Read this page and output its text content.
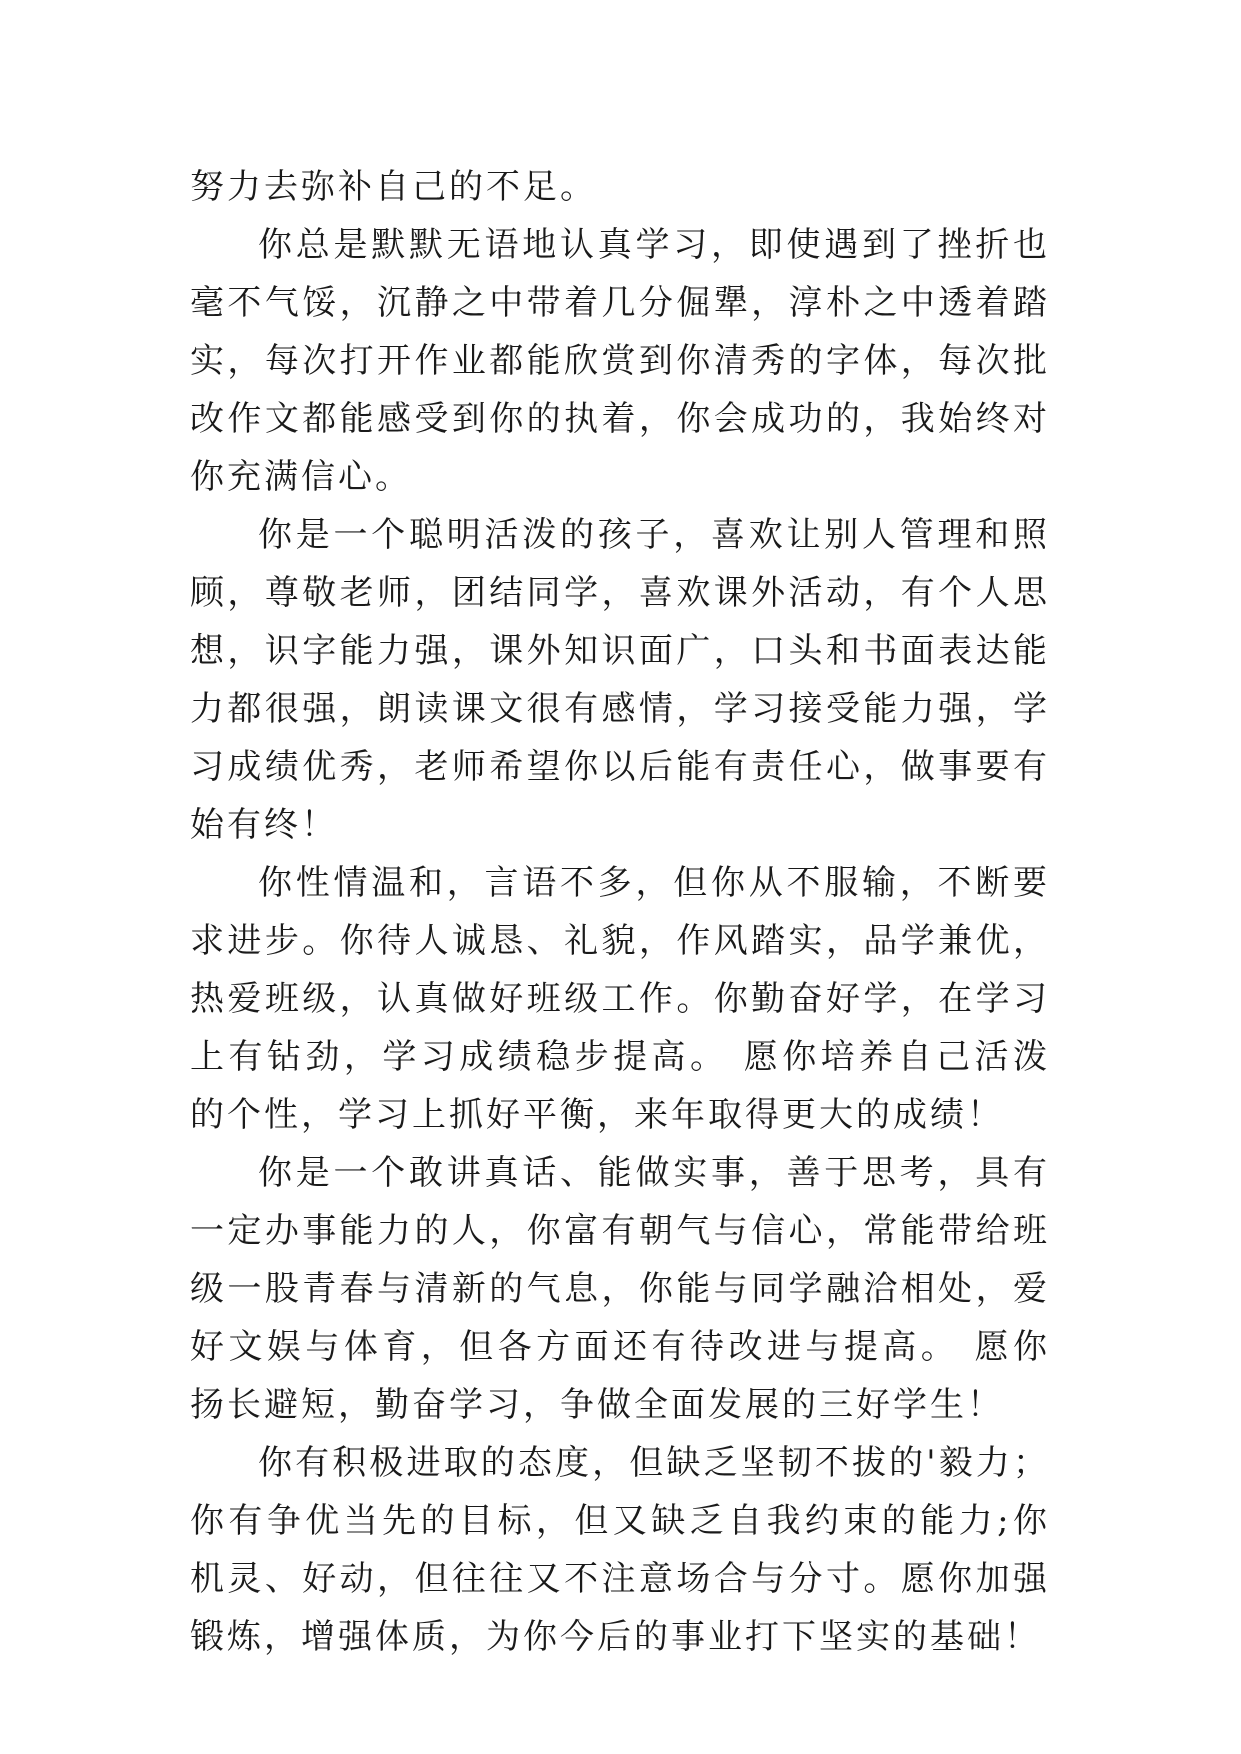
努力去弥补自己的不足。

你总是默默无语地认真学习，即使遇到了挫折也毫不气馁，沉静之中带着几分倔犟，淳朴之中透着踏实，每次打开作业都能欣赏到你清秀的字体，每次批改作文都能感受到你的执着，你会成功的，我始终对你充满信心。

你是一个聪明活泼的孩子，喜欢让别人管理和照顾，尊敬老师，团结同学，喜欢课外活动，有个人思想，识字能力强，课外知识面广，口头和书面表达能力都很强，朗读课文很有感情，学习接受能力强，学习成绩优秀，老师希望你以后能有责任心，做事要有始有终！

你性情温和，言语不多，但你从不服输，不断要求进步。你待人诚恳、礼貌，作风踏实，品学兼优，热爱班级，认真做好班级工作。你勤奋好学，在学习上有钻劲，学习成绩稳步提高。 愿你培养自己活泼的个性，学习上抓好平衡，来年取得更大的成绩！

你是一个敢讲真话、能做实事，善于思考，具有一定办事能力的人，你富有朝气与信心，常能带给班级一股青春与清新的气息，你能与同学融洽相处，爱好文娱与体育，但各方面还有待改进与提高。 愿你扬长避短，勤奋学习，争做全面发展的三好学生！

你有积极进取的态度，但缺乏坚韧不拔的'毅力；你有争优当先的目标，但又缺乏自我约束的能力;你机灵、好动，但往往又不注意场合与分寸。愿你加强锻炼，增强体质，为你今后的事业打下坚实的基础！
